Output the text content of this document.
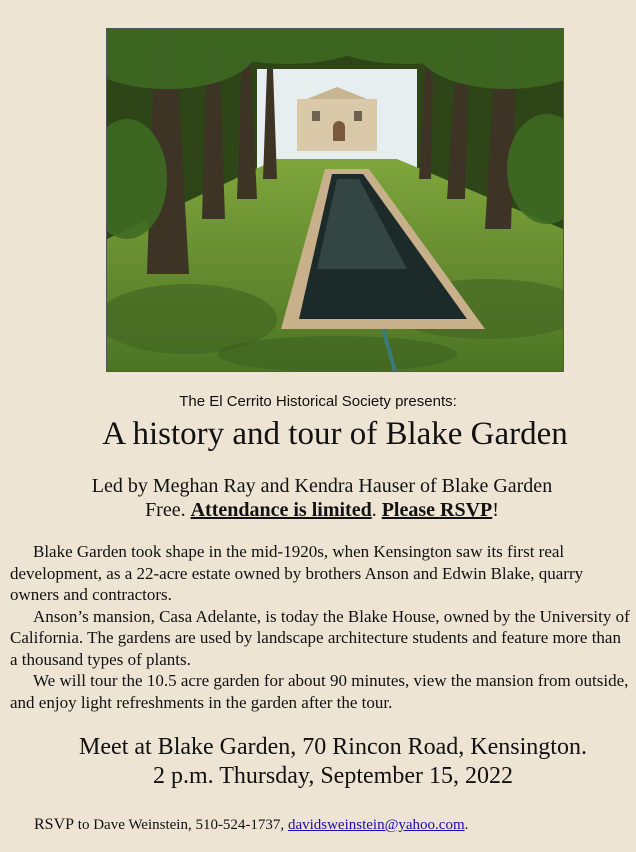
The El Cerrito Historical Society presents:
A history and tour of Blake Garden
Led by Meghan Ray and Kendra Hauser of Blake Garden
Free. Attendance is limited. Please RSVP!

Blake Garden took shape in the mid-1920s, when Kensington saw its first real development, as a 22-acre estate owned by brothers Anson and Edwin Blake, quarry owners and contractors.

Anson’s mansion, Casa Adelante, is today the Blake House, owned by the University of California. The gardens are used by landscape architecture students and feature more than a thousand types of plants.

We will tour the 10.5 acre garden for about 90 minutes, view the mansion from outside, and enjoy light refreshments in the garden after the tour.

Meet at Blake Garden, 70 Rincon Road, Kensington.
2 p.m. Thursday, September 15, 2022
RSVP to Dave Weinstein, 510-524-1737, davidsweinstein@yahoo.com.
